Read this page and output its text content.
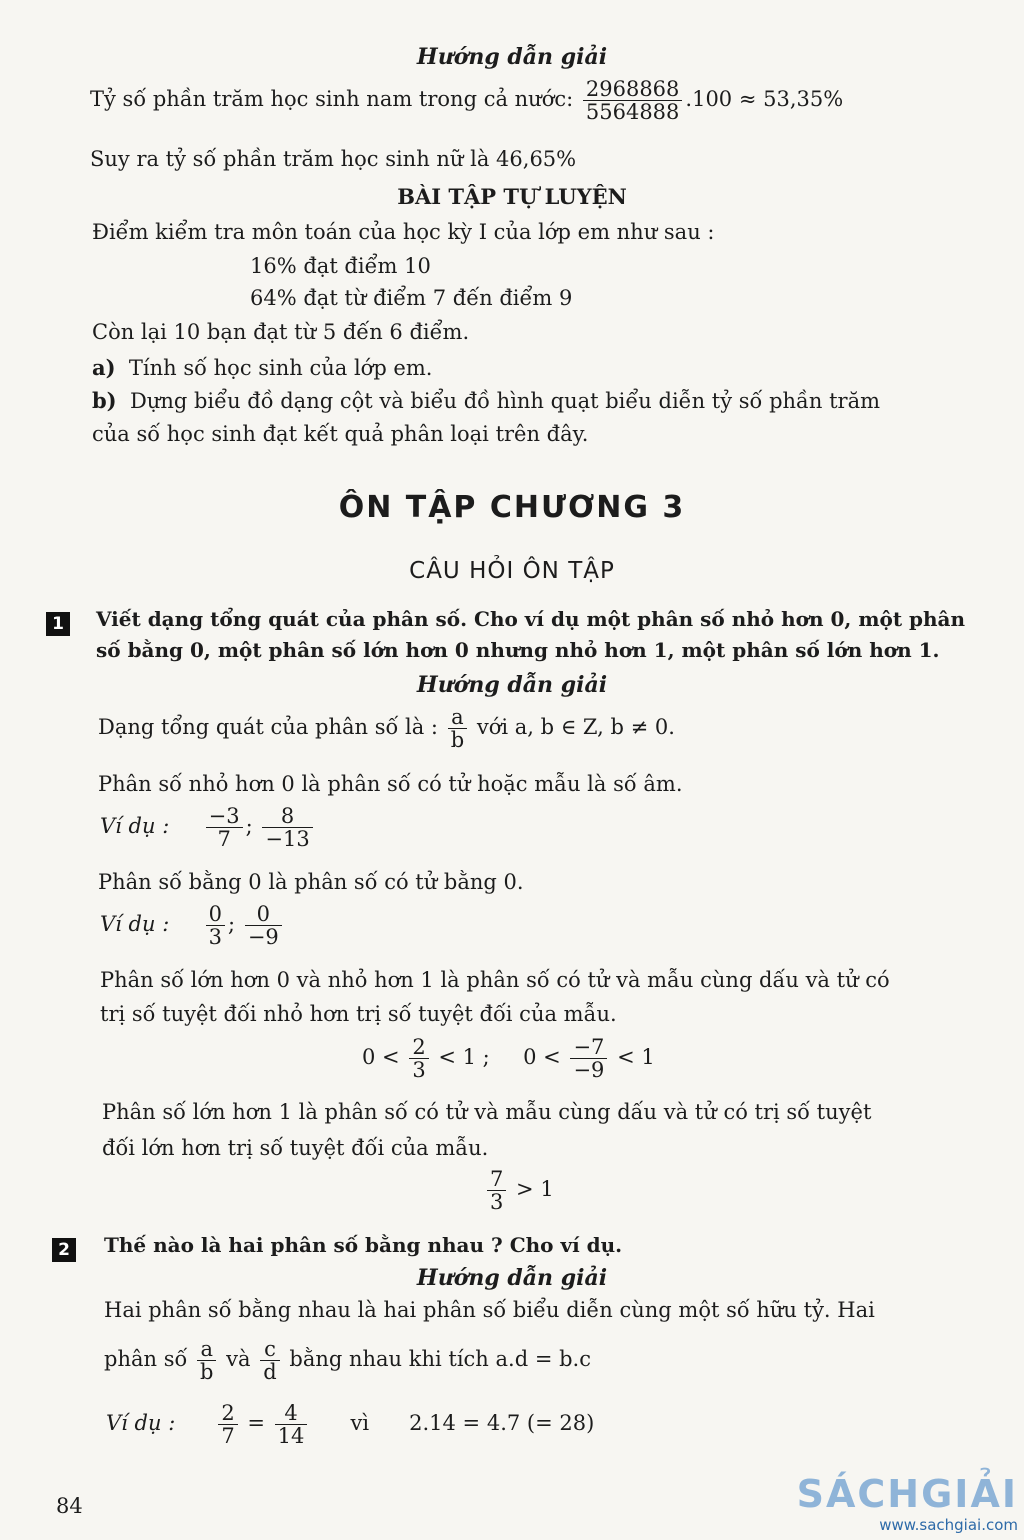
Hướng dẫn giải
Tỷ số phần trăm học sinh nam trong cả nước: $\frac{2968868}{5564888} .100 \approx 53,35\%$
Suy ra tỷ số phần trăm học sinh nữ là 46,65%
BÀI TẬP TỰ LUYỆN
Điểm kiểm tra môn toán của học kỳ I của lớp em như sau :
16% đạt điểm 10
64% đạt từ điểm 7 đến điểm 9
Còn lại 10 bạn đạt từ 5 đến 6 điểm.
a) Tính số học sinh của lớp em.
b) Dựng biểu đồ dạng cột và biểu đồ hình quạt biểu diễn tỷ số phần trăm
của số học sinh đạt kết quả phân loại trên đây.
ÔN TẬP CHƯƠNG 3
CÂU HỎI ÔN TẬP
1	Viết dạng tổng quát của phân số. Cho ví dụ một phân số nhỏ hơn 0, một phân
số bằng 0, một phân số lớn hơn 0 nhưng nhỏ hơn 1, một phân số lớn hơn 1.
Hướng dẫn giải
Dạng tổng quát của phân số là : $\frac{a}{b}$ với a, b ∈ Z, b ≠ 0.
Phân số nhỏ hơn 0 là phân số có tử hoặc mẫu là số âm.
Ví dụ : $\frac{-3}{7}$ ; $\frac{8}{-13}$
Phân số bằng 0 là phân số có tử bằng 0.
Ví dụ : $\frac{0}{3}$ ; $\frac{0}{-9}$
Phân số lớn hơn 0 và nhỏ hơn 1 là phân số có tử và mẫu cùng dấu và tử có
trị số tuyệt đối nhỏ hơn trị số tuyệt đối của mẫu.
$0 < \frac{2}{3} < 1$ ;     $0 < \frac{-7}{-9} < 1$
Phân số lớn hơn 1 là phân số có tử và mẫu cùng dấu và tử có trị số tuyệt
đối lớn hơn trị số tuyệt đối của mẫu.
$\frac{7}{3} > 1$
2	Thế nào là hai phân số bằng nhau ? Cho ví dụ.
Hướng dẫn giải
Hai phân số bằng nhau là hai phân số biểu diễn cùng một số hữu tỷ. Hai
phân số $\frac{a}{b}$ và $\frac{c}{d}$ bằng nhau khi tích a.d = b.c
Ví dụ : $\frac{2}{7} = \frac{4}{14}$ vì 2.14 = 4.7 (= 28)
84	SÁCHGIẢI
www.sachgiai.com
